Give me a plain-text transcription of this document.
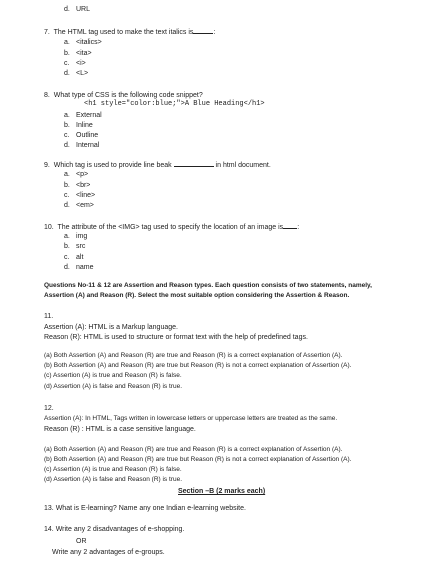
d. URL
7. The HTML tag used to make the text italics is	:
a. <italics>
b. <ita>
c. <i>
d. <L>
8. What type of CSS is the following code snippet?
<h1 style="color:blue;">A Blue Heading</h1>
a. External
b. Inline
c. Outline
d. Internal
9. Which tag is used to provide line beak	in html document.
a. <p>
b. <br>
c. <line>
d. <em>
10. The attribute of the <IMG> tag used to specify the location of an image is :
a. img
b. src
c. alt
d. name
Questions No-11 & 12 are Assertion and Reason types. Each question consists of two statements, namely,
Assertion (A) and Reason (R). Select the most suitable option considering the Assertion & Reason.
11.
Assertion (A): HTML is a Markup language.
Reason (R): HTML is used to structure or format text with the help of predefined tags.
(a) Both Assertion (A) and Reason (R) are true and Reason (R) is a correct explanation of Assertion (A).
(b) Both Assertion (A) and Reason (R) are true but Reason (R) is not a correct explanation of Assertion (A).
(c) Assertion (A) is true and Reason (R) is false.
(d) Assertion (A) is false and Reason (R) is true.
12.
Assertion (A): In HTML, Tags written in lowercase letters or uppercase letters are treated as the same.
Reason (R) : HTML is a case sensitive language.
(a) Both Assertion (A) and Reason (R) are true and Reason (R) is a correct explanation of Assertion (A).
(b) Both Assertion (A) and Reason (R) are true but Reason (R) is not a correct explanation of Assertion (A).
(c) Assertion (A) is true and Reason (R) is false.
(d) Assertion (A) is false and Reason (R) is true.
Section –B (2 marks each)
13. What is E-learning? Name any one Indian e-learning website.
14. Write any 2 disadvantages of e-shopping.
OR
Write any 2 advantages of e-groups.
